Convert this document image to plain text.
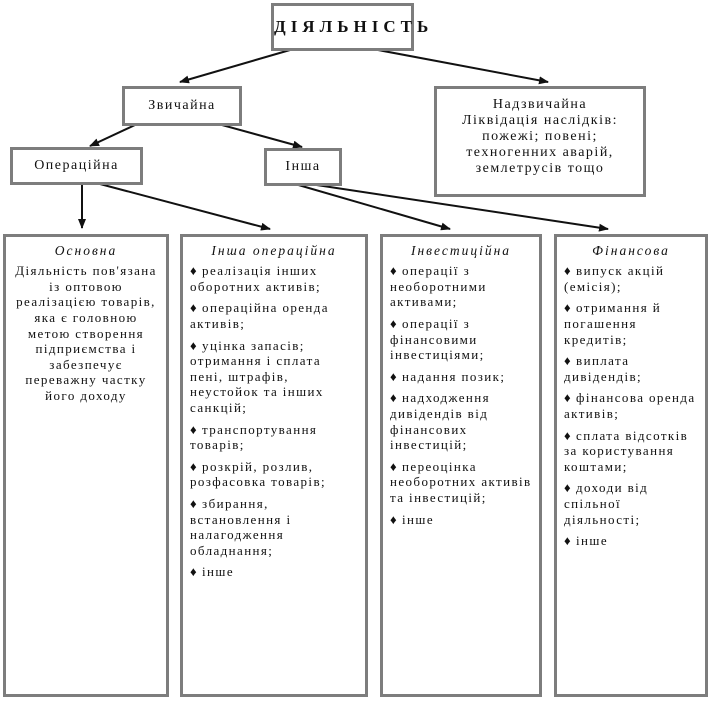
ДІЯЛЬНІСТЬ
Звичайна	Надзвичайна
Ліквідація наслідків: пожежі; повені; техногенних аварій, землетрусів тощо
Операційна	Інша
Основна
Діяльність пов'язана із оптовою реалізацією товарів, яка є головною метою створення підприємства і забезпечує переважну частку його доходу
Інша операційна
♦ реалізація інших оборотних активів;
♦ операційна оренда активів;
♦ уцінка запасів; отримання і сплата пені, штрафів, неустойок та інших санкцій;
♦ транспортування товарів;
♦ розкрій, розлив, розфасовка товарів;
♦ збирання, встановлення і налагодження обладнання;
♦ інше
Інвестиційна
♦ операції з необоротними активами;
♦ операції з фінансовими інвестиціями;
♦ надання позик;
♦ надходження дивідендів від фінансових інвестицій;
♦ переоцінка необоротних активів та інвестицій;
♦ інше
Фінансова
♦ випуск акцій (емісія);
♦ отримання й погашення кредитів;
♦ виплата дивідендів;
♦ фінансова оренда активів;
♦ сплата відсотків за користування коштами;
♦ доходи від спільної діяльності;
♦ інше
